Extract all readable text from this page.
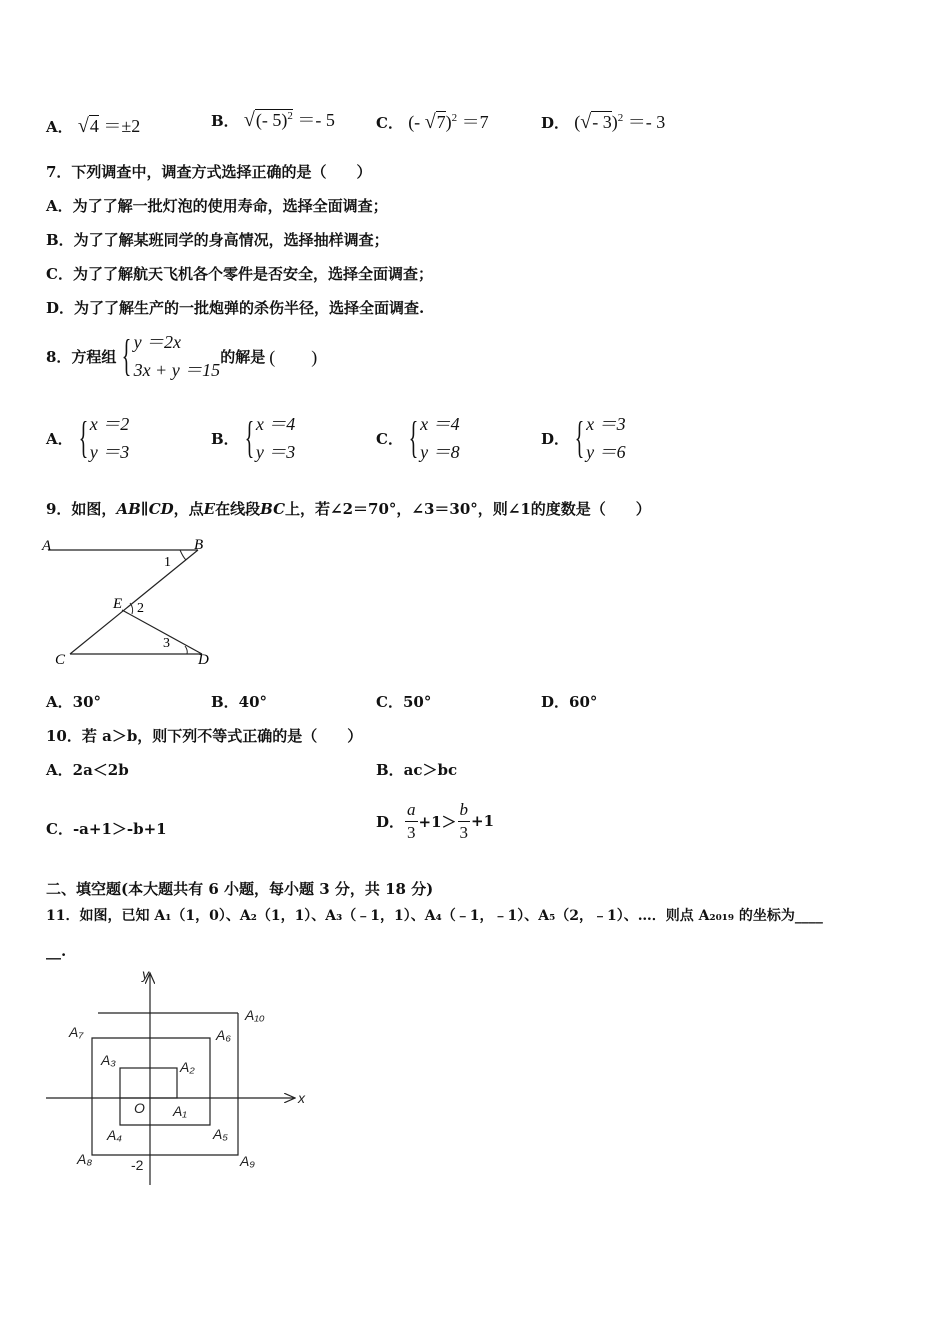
A． √4 ＝±2	B． √(- 5)$^2$ ＝- 5	C． (- √7)$^2$ ＝7	D． (√- 3)$^2$ ＝- 3
7．下列调查中，调查方式选择正确的是（　　）
A．为了了解一批灯泡的使用寿命，选择全面调查；
B．为了了解某班同学的身高情况，选择抽样调查；
C．为了了解航天飞机各个零件是否安全，选择全面调查；
D．为了了解生产的一批炮弹的杀伤半径，选择全面调查.
8．方程组 { y ＝2x
3x + y ＝15
的解是 (　　)
A． { x ＝2
y ＝3
B． { x ＝4
y ＝3
C． { x ＝4
y ＝8
D． { x ＝3
y ＝6
9．如图，AB∥CD，点E在线段BC上，若∠2＝70°，∠3＝30°，则∠1的度数是（　　）
A	B
C	D
E
1
2
3
A．30°	B．40°	C．50°	D．60°
10．若 a＞b，则下列不等式正确的是（　　）
A．2a＜2b	B．ac＞bc
C．-a+1＞-b+1	D． $\frac{a}{3} +1> \frac{b}{3} +1$
二、填空题(本大题共有 6 小题，每小题 3 分，共 18 分)
11．如图，已知 A₁（1，0）、A₂（1，1）、A₃（﹣1，1）、A₄（﹣1，﹣1）、A₅（2，﹣1）、…．则点 A₂₀₁₉ 的坐标为____
__.
y
x
O A₁
A₂
A₃
A₄	A₅
A₆
A₇
A₈	A₉
A₁₀
-2
